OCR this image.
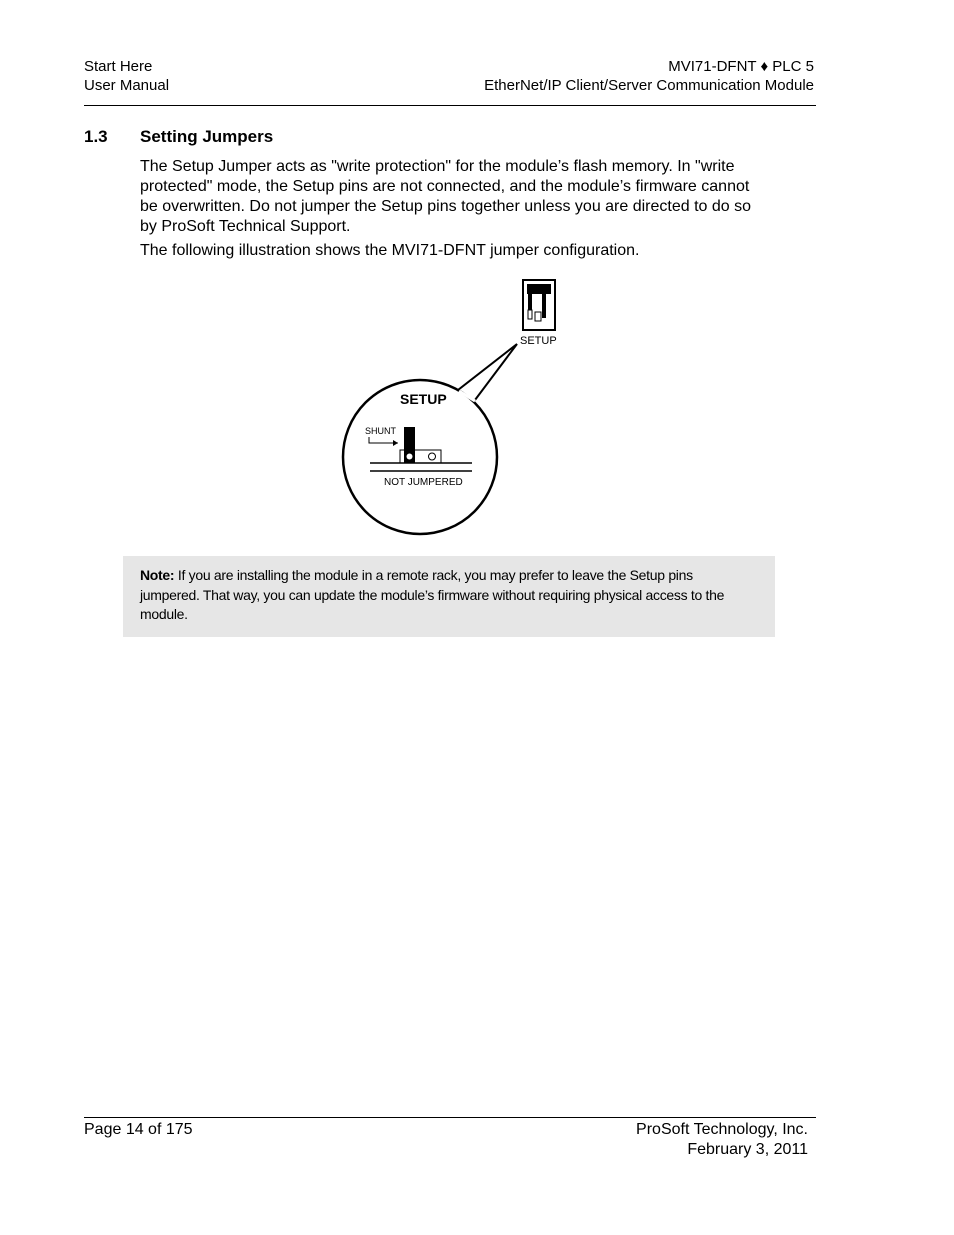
Start Here
User Manual
MVI71-DFNT ♦ PLC 5
EtherNet/IP Client/Server Communication Module
1.3 Setting Jumpers
The Setup Jumper acts as "write protection" for the module’s flash memory. In "write protected" mode, the Setup pins are not connected, and the module’s firmware cannot be overwritten. Do not jumper the Setup pins together unless you are directed to do so by ProSoft Technical Support.
The following illustration shows the MVI71-DFNT jumper configuration.
SETUP
SETUP
SHUNT
NOT JUMPERED
Note: If you are installing the module in a remote rack, you may prefer to leave the Setup pins jumpered. That way, you can update the module’s firmware without requiring physical access to the module.
Page 14 of 175	ProSoft Technology, Inc.
February 3, 2011
